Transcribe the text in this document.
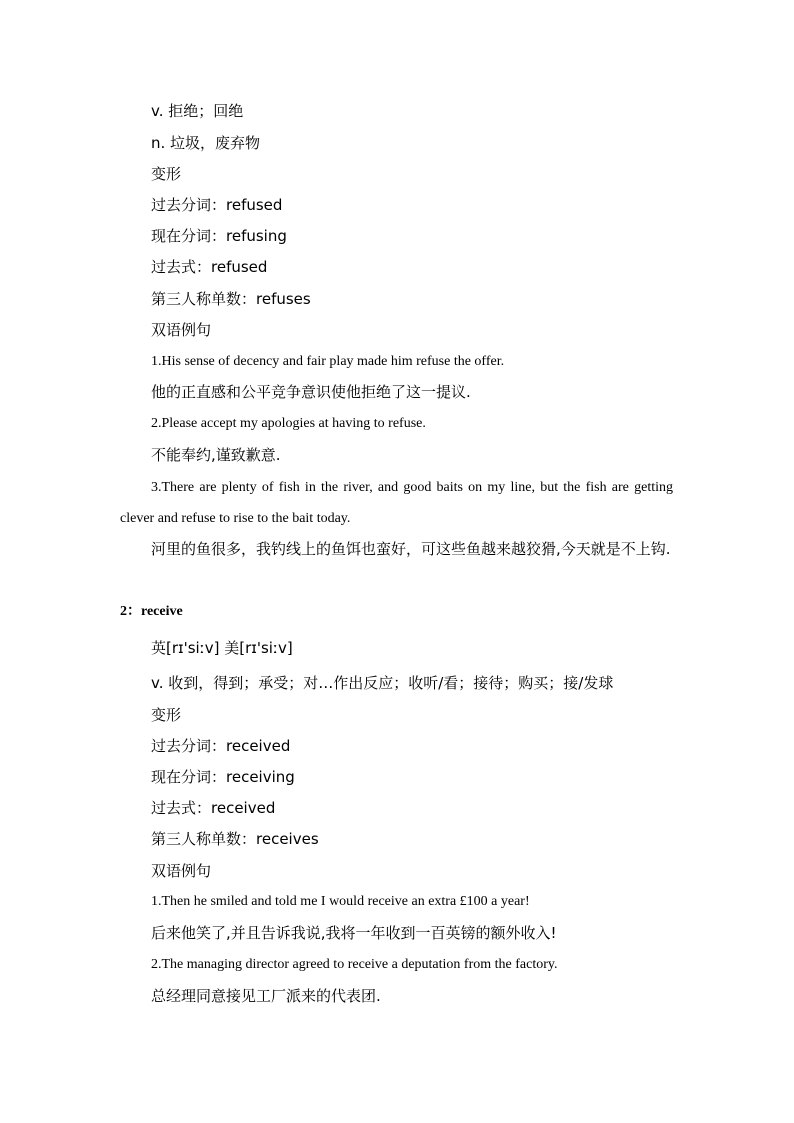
v. 拒绝；回绝
n. 垃圾，废弃物
变形
过去分词：refused
现在分词：refusing
过去式：refused
第三人称单数：refuses
双语例句
1.His sense of decency and fair play made him refuse the offer.
他的正直感和公平竞争意识使他拒绝了这一提议.
2.Please accept my apologies at having to refuse.
不能奉约,谨致歉意.
3.There are plenty of fish in the river, and good baits on my line, but the fish are getting clever and refuse to rise to the bait today.
河里的鱼很多，我钓线上的鱼饵也蛮好，可这些鱼越来越狡猾,今天就是不上钩.
2：receive
英[rɪ'siːv] 美[rɪ'siːv]
v. 收到，得到；承受；对…作出反应；收听/看；接待；购买；接/发球
变形
过去分词：received
现在分词：receiving
过去式：received
第三人称单数：receives
双语例句
1.Then he smiled and told me I would receive an extra £100 a year!
后来他笑了,并且告诉我说,我将一年收到一百英镑的额外收入!
2.The managing director agreed to receive a deputation from the factory.
总经理同意接见工厂派来的代表团.
